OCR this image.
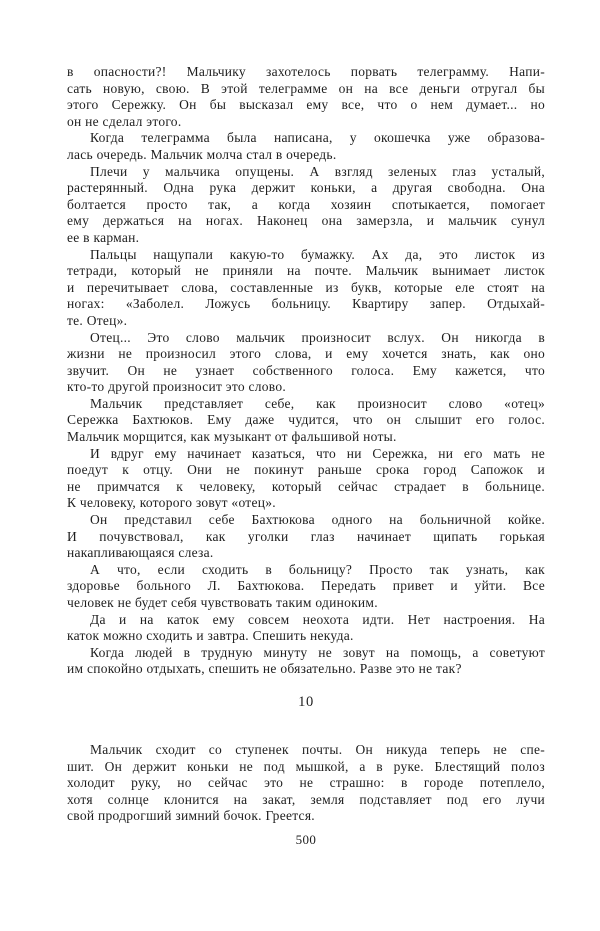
в опасности?! Мальчику захотелось порвать телеграмму. Напи-
сать новую, свою. В этой телеграмме он на все деньги отругал бы
этого Сережку. Он бы высказал ему все, что о нем думает... но
он не сделал этого.
Когда телеграмма была написана, у окошечка уже образова-
лась очередь. Мальчик молча стал в очередь.
Плечи у мальчика опущены. А взгляд зеленых глаз усталый,
растерянный. Одна рука держит коньки, а другая свободна. Она
болтается просто так, а когда хозяин спотыкается, помогает
ему держаться на ногах. Наконец она замерзла, и мальчик сунул
ее в карман.
Пальцы нащупали какую-то бумажку. Ах да, это листок из
тетради, который не приняли на почте. Мальчик вынимает листок
и перечитывает слова, составленные из букв, которые еле стоят на
ногах: «Заболел. Ложусь больницу. Квартиру запер. Отдыхай-
те. Отец».
Отец... Это слово мальчик произносит вслух. Он никогда в
жизни не произносил этого слова, и ему хочется знать, как оно
звучит. Он не узнает собственного голоса. Ему кажется, что
кто-то другой произносит это слово.
Мальчик представляет себе, как произносит слово «отец»
Сережка Бахтюков. Ему даже чудится, что он слышит его голос.
Мальчик морщится, как музыкант от фальшивой ноты.
И вдруг ему начинает казаться, что ни Сережка, ни его мать не
поедут к отцу. Они не покинут раньше срока город Сапожок и
не примчатся к человеку, который сейчас страдает в больнице.
К человеку, которого зовут «отец».
Он представил себе Бахтюкова одного на больничной койке.
И почувствовал, как уголки глаз начинает щипать горькая
накапливающаяся слеза.
А что, если сходить в больницу? Просто так узнать, как
здоровье больного Л. Бахтюкова. Передать привет и уйти. Все
человек не будет себя чувствовать таким одиноким.
Да и на каток ему совсем неохота идти. Нет настроения. На
каток можно сходить и завтра. Спешить некуда.
Когда людей в трудную минуту не зовут на помощь, а советуют
им спокойно отдыхать, спешить не обязательно. Разве это не так?
10
Мальчик сходит со ступенек почты. Он никуда теперь не спе-
шит. Он держит коньки не под мышкой, а в руке. Блестящий полоз
холодит руку, но сейчас это не страшно: в городе потеплело,
хотя солнце клонится на закат, земля подставляет под его лучи
свой продрогший зимний бочок. Греется.
500
